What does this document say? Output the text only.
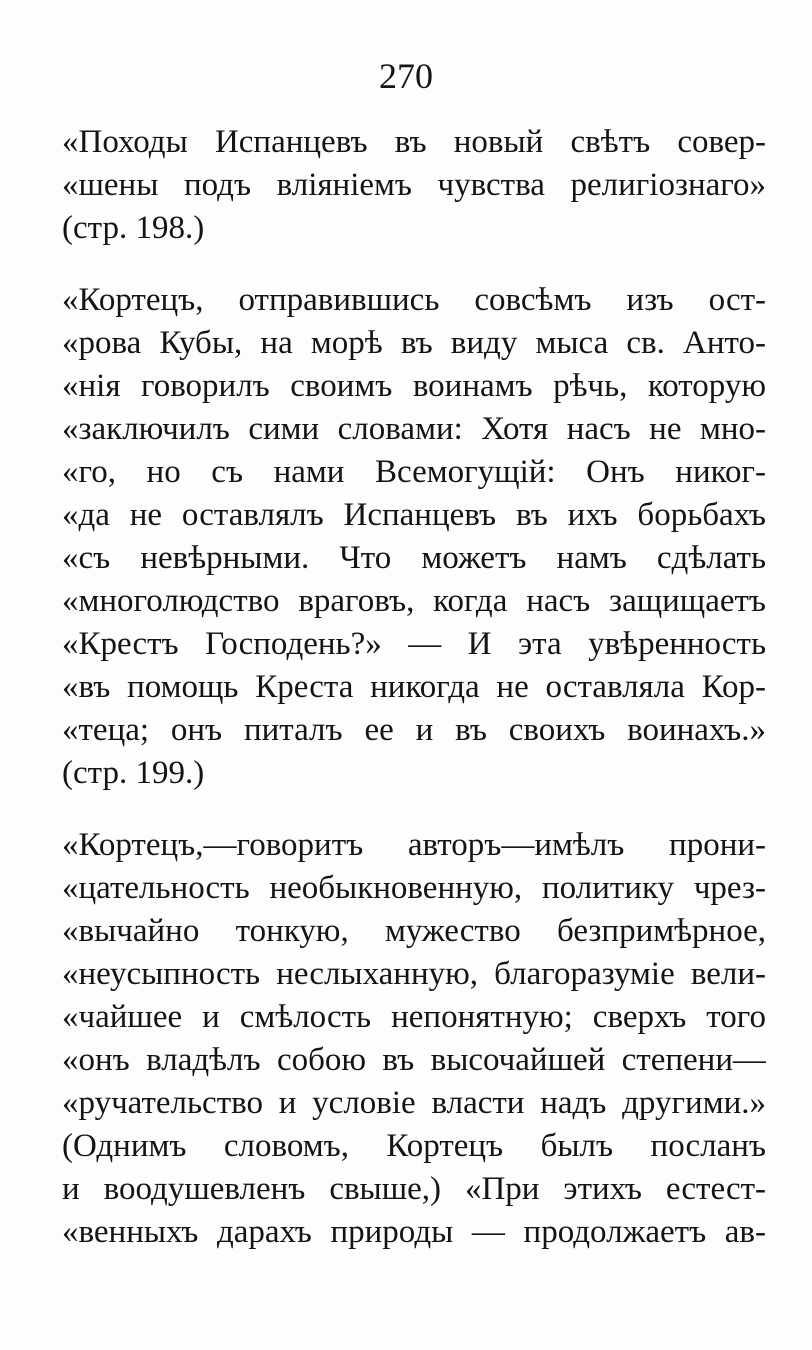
270
«Походы Испанцевъ въ новый свѣтъ совер-
«шены подъ вліяніемъ чувства религіознаго»
(стр. 198.)
«Кортецъ, отправившись совсѣмъ изъ ост-
«рова Кубы, на морѣ въ виду мыса св. Анто-
«нія говорилъ своимъ воинамъ рѣчь, которую
«заключилъ сими словами: Хотя насъ не мно-
«го, но съ нами Всемогущій: Онъ никог-
«да не оставлялъ Испанцевъ въ ихъ борьбахъ
«съ невѣрными. Что можетъ намъ сдѣлать
«многолюдство враговъ, когда насъ защищаетъ
«Крестъ Господень?» — И эта увѣренность
«въ помощь Креста никогда не оставляла Кор-
«теца; онъ питалъ ее и въ своихъ воинахъ.»
(стр. 199.)
«Кортецъ,—говоритъ авторъ—имѣлъ прони-
«цательность необыкновенную, политику чрез-
«вычайно тонкую, мужество безпримѣрное,
«неусыпность неслыханную, благоразуміе вели-
«чайшее и смѣлость непонятную; сверхъ того
«онъ владѣлъ собою въ высочайшей степени—
«ручательство и условіе власти надъ другими.»
(Однимъ словомъ, Кортецъ былъ посланъ
и воодушевленъ свыше,) «При этихъ естест-
«венныхъ дарахъ природы — продолжаетъ ав-
